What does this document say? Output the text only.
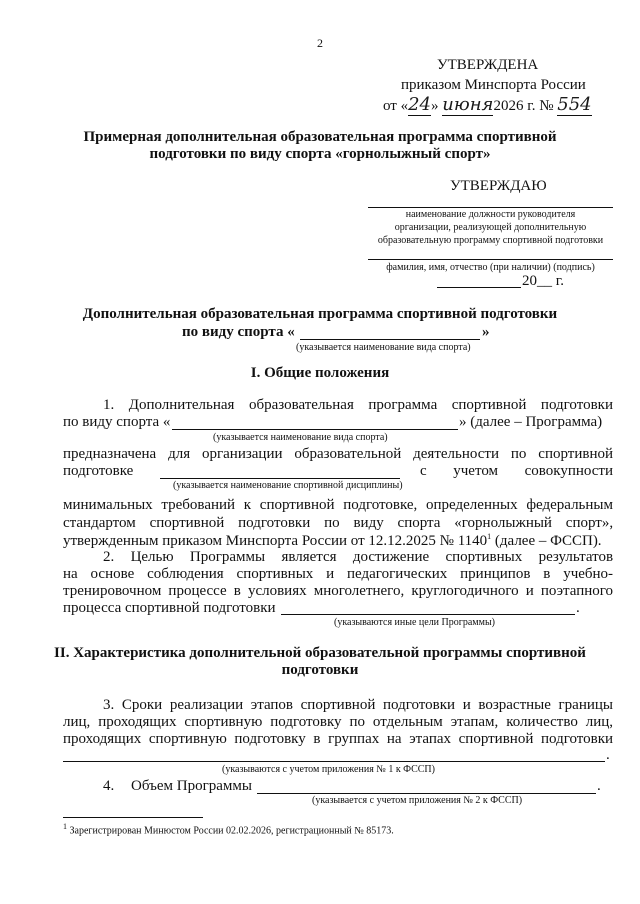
2
УТВЕРЖДЕНА
приказом Минспорта России
от «24» июня2026 г. № 554
Примерная дополнительная образовательная программа спортивной
подготовки по виду спорта «горнолыжный спорт»
УТВЕРЖДАЮ
наименование должности руководителя
организации, реализующей дополнительную
образовательную программу спортивной подготовки
фамилия, имя, отчество (при наличии) (подпись)
20__ г.
Дополнительная образовательная программа спортивной подготовки
по виду спорта «	»
(указывается наименование вида спорта)
I. Общие положения
1. Дополнительная образовательная программа спортивной подготовки
по виду спорта «	» (далее – Программа)
(указывается наименование вида спорта)
предназначена для организации образовательной деятельности по спортивной
подготовке	с учетом совокупности
(указывается наименование спортивной дисциплины)
минимальных требований к спортивной подготовке, определенных федеральным
стандартом спортивной подготовки по виду спорта «горнолыжный спорт»,
утвержденным приказом Минспорта России от 12.12.2025 № 1140$^1$ (далее – ФССП).
2. Целью Программы является достижение спортивных результатов
на основе соблюдения спортивных и педагогических принципов в учебно-
тренировочном процессе в условиях многолетнего, круглогодичного и поэтапного
процесса спортивной подготовки	.
(указываются иные цели Программы)
II. Характеристика дополнительной образовательной программы спортивной
подготовки
3. Сроки реализации этапов спортивной подготовки и возрастные границы
лиц, проходящих спортивную подготовку по отдельным этапам, количество лиц,
проходящих спортивную подготовку в группах на этапах спортивной подготовки
.
(указываются с учетом приложения № 1 к ФССП)
4. Объем Программы	.
(указывается с учетом приложения № 2 к ФССП)
$^1$ Зарегистрирован Минюстом России 02.02.2026, регистрационный № 85173.
